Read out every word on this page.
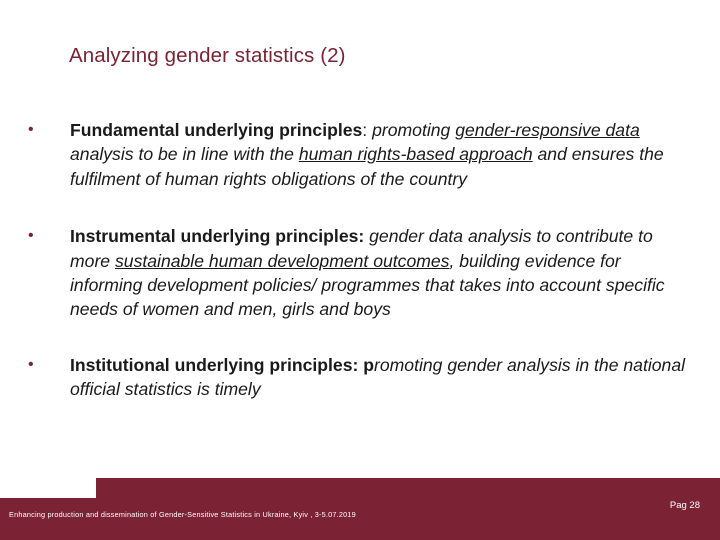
Analyzing gender statistics (2)
• Fundamental underlying principles: promoting gender-responsive data analysis to be in line with the human rights-based approach and ensures the fulfilment of human rights obligations of the country
• Instrumental underlying principles: gender data analysis to contribute to more sustainable human development outcomes, building evidence for informing development policies/ programmes that takes into account specific needs of women and men, girls and boys
• Institutional underlying principles: promoting gender analysis in the national official statistics is timely
Enhancing production and dissemination of Gender-Sensitive Statistics in Ukraine, Kyiv , 3-5.07.2019
Pag 28
